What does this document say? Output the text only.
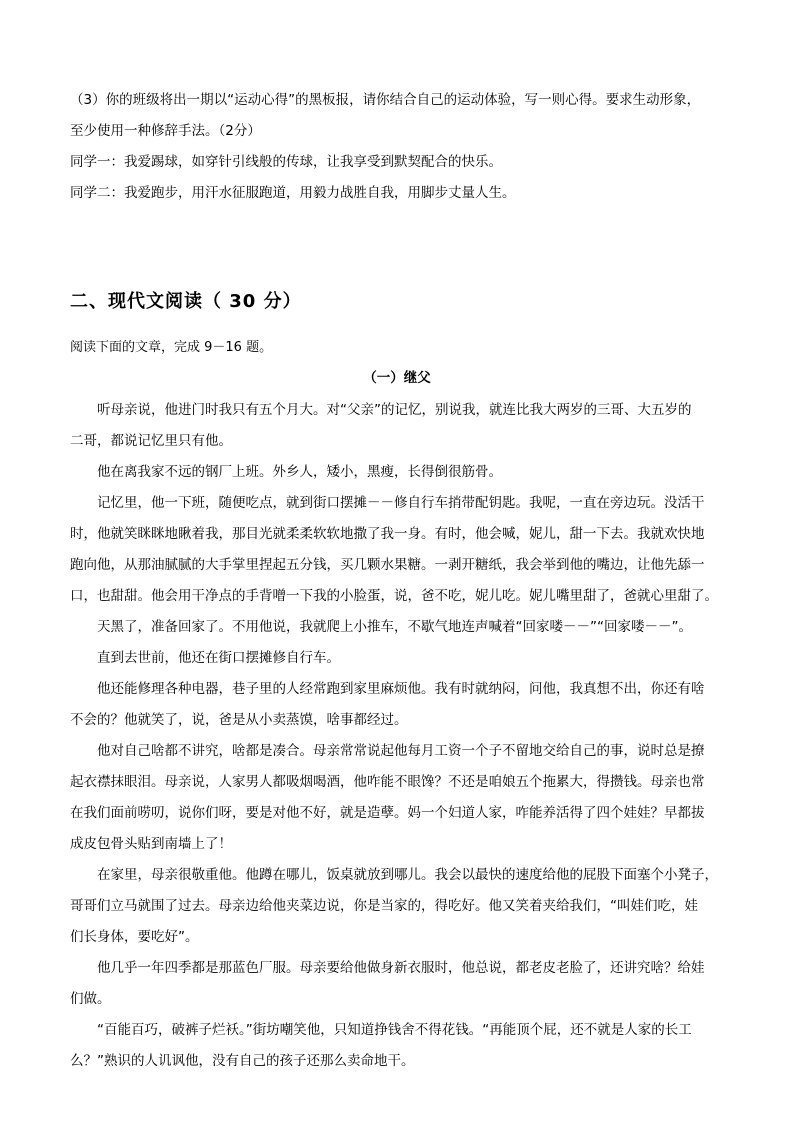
（3）你的班级将出一期以“运动心得”的黑板报，请你结合自己的运动体验，写一则心得。要求生动形象，
至少使用一种修辞手法。（2分）
同学一：我爱踢球，如穿针引线般的传球，让我享受到默契配合的快乐。
同学二：我爱跑步，用汗水征服跑道，用毅力战胜自我，用脚步丈量人生。
二、现代文阅读（ 30 分）
阅读下面的文章，完成 9－16 题。
（一）继父
听母亲说，他进门时我只有五个月大。对“父亲”的记忆，别说我，就连比我大两岁的三哥、大五岁的
二哥，都说记忆里只有他。
他在离我家不远的钢厂上班。外乡人，矮小，黑瘦，长得倒很筋骨。
记忆里，他一下班，随便吃点，就到街口摆摊－－修自行车捎带配钥匙。我呢，一直在旁边玩。没活干
时，他就笑眯眯地瞅着我，那目光就柔柔软软地撒了我一身。有时，他会喊，妮儿，甜一下去。我就欢快地
跑向他，从那油腻腻的大手掌里捏起五分钱，买几颗水果糖。一剥开糖纸，我会举到他的嘴边，让他先舔一
口，也甜甜。他会用干净点的手背噌一下我的小脸蛋，说，爸不吃，妮儿吃。妮儿嘴里甜了，爸就心里甜了。
天黑了，准备回家了。不用他说，我就爬上小推车，不歇气地连声喊着“回家喽－－”“回家喽－－”。
直到去世前，他还在街口摆摊修自行车。
他还能修理各种电器，巷子里的人经常跑到家里麻烦他。我有时就纳闷，问他，我真想不出，你还有啥
不会的？他就笑了，说，爸是从小卖蒸馍，啥事都经过。
他对自己啥都不讲究，啥都是凑合。母亲常常说起他每月工资一个子不留地交给自己的事，说时总是撩
起衣襟抹眼泪。母亲说，人家男人都吸烟喝酒，他咋能不眼馋？不还是咱娘五个拖累大，得攒钱。母亲也常
在我们面前唠叨，说你们呀，要是对他不好，就是造孽。妈一个妇道人家，咋能养活得了四个娃娃？早都拔
成皮包骨头贴到南墙上了！
在家里，母亲很敬重他。他蹲在哪儿，饭桌就放到哪儿。我会以最快的速度给他的屁股下面塞个小凳子，
哥哥们立马就围了过去。母亲边给他夹菜边说，你是当家的，得吃好。他又笑着夹给我们，“叫娃们吃，娃
们长身体，要吃好”。
他几乎一年四季都是那蓝色厂服。母亲要给他做身新衣服时，他总说，都老皮老脸了，还讲究啥？给娃
们做。
“百能百巧，破裤子烂袄。”街坊嘲笑他，只知道挣钱舍不得花钱。“再能顶个屁，还不就是人家的长工
么？”熟识的人讥讽他，没有自己的孩子还那么卖命地干。
